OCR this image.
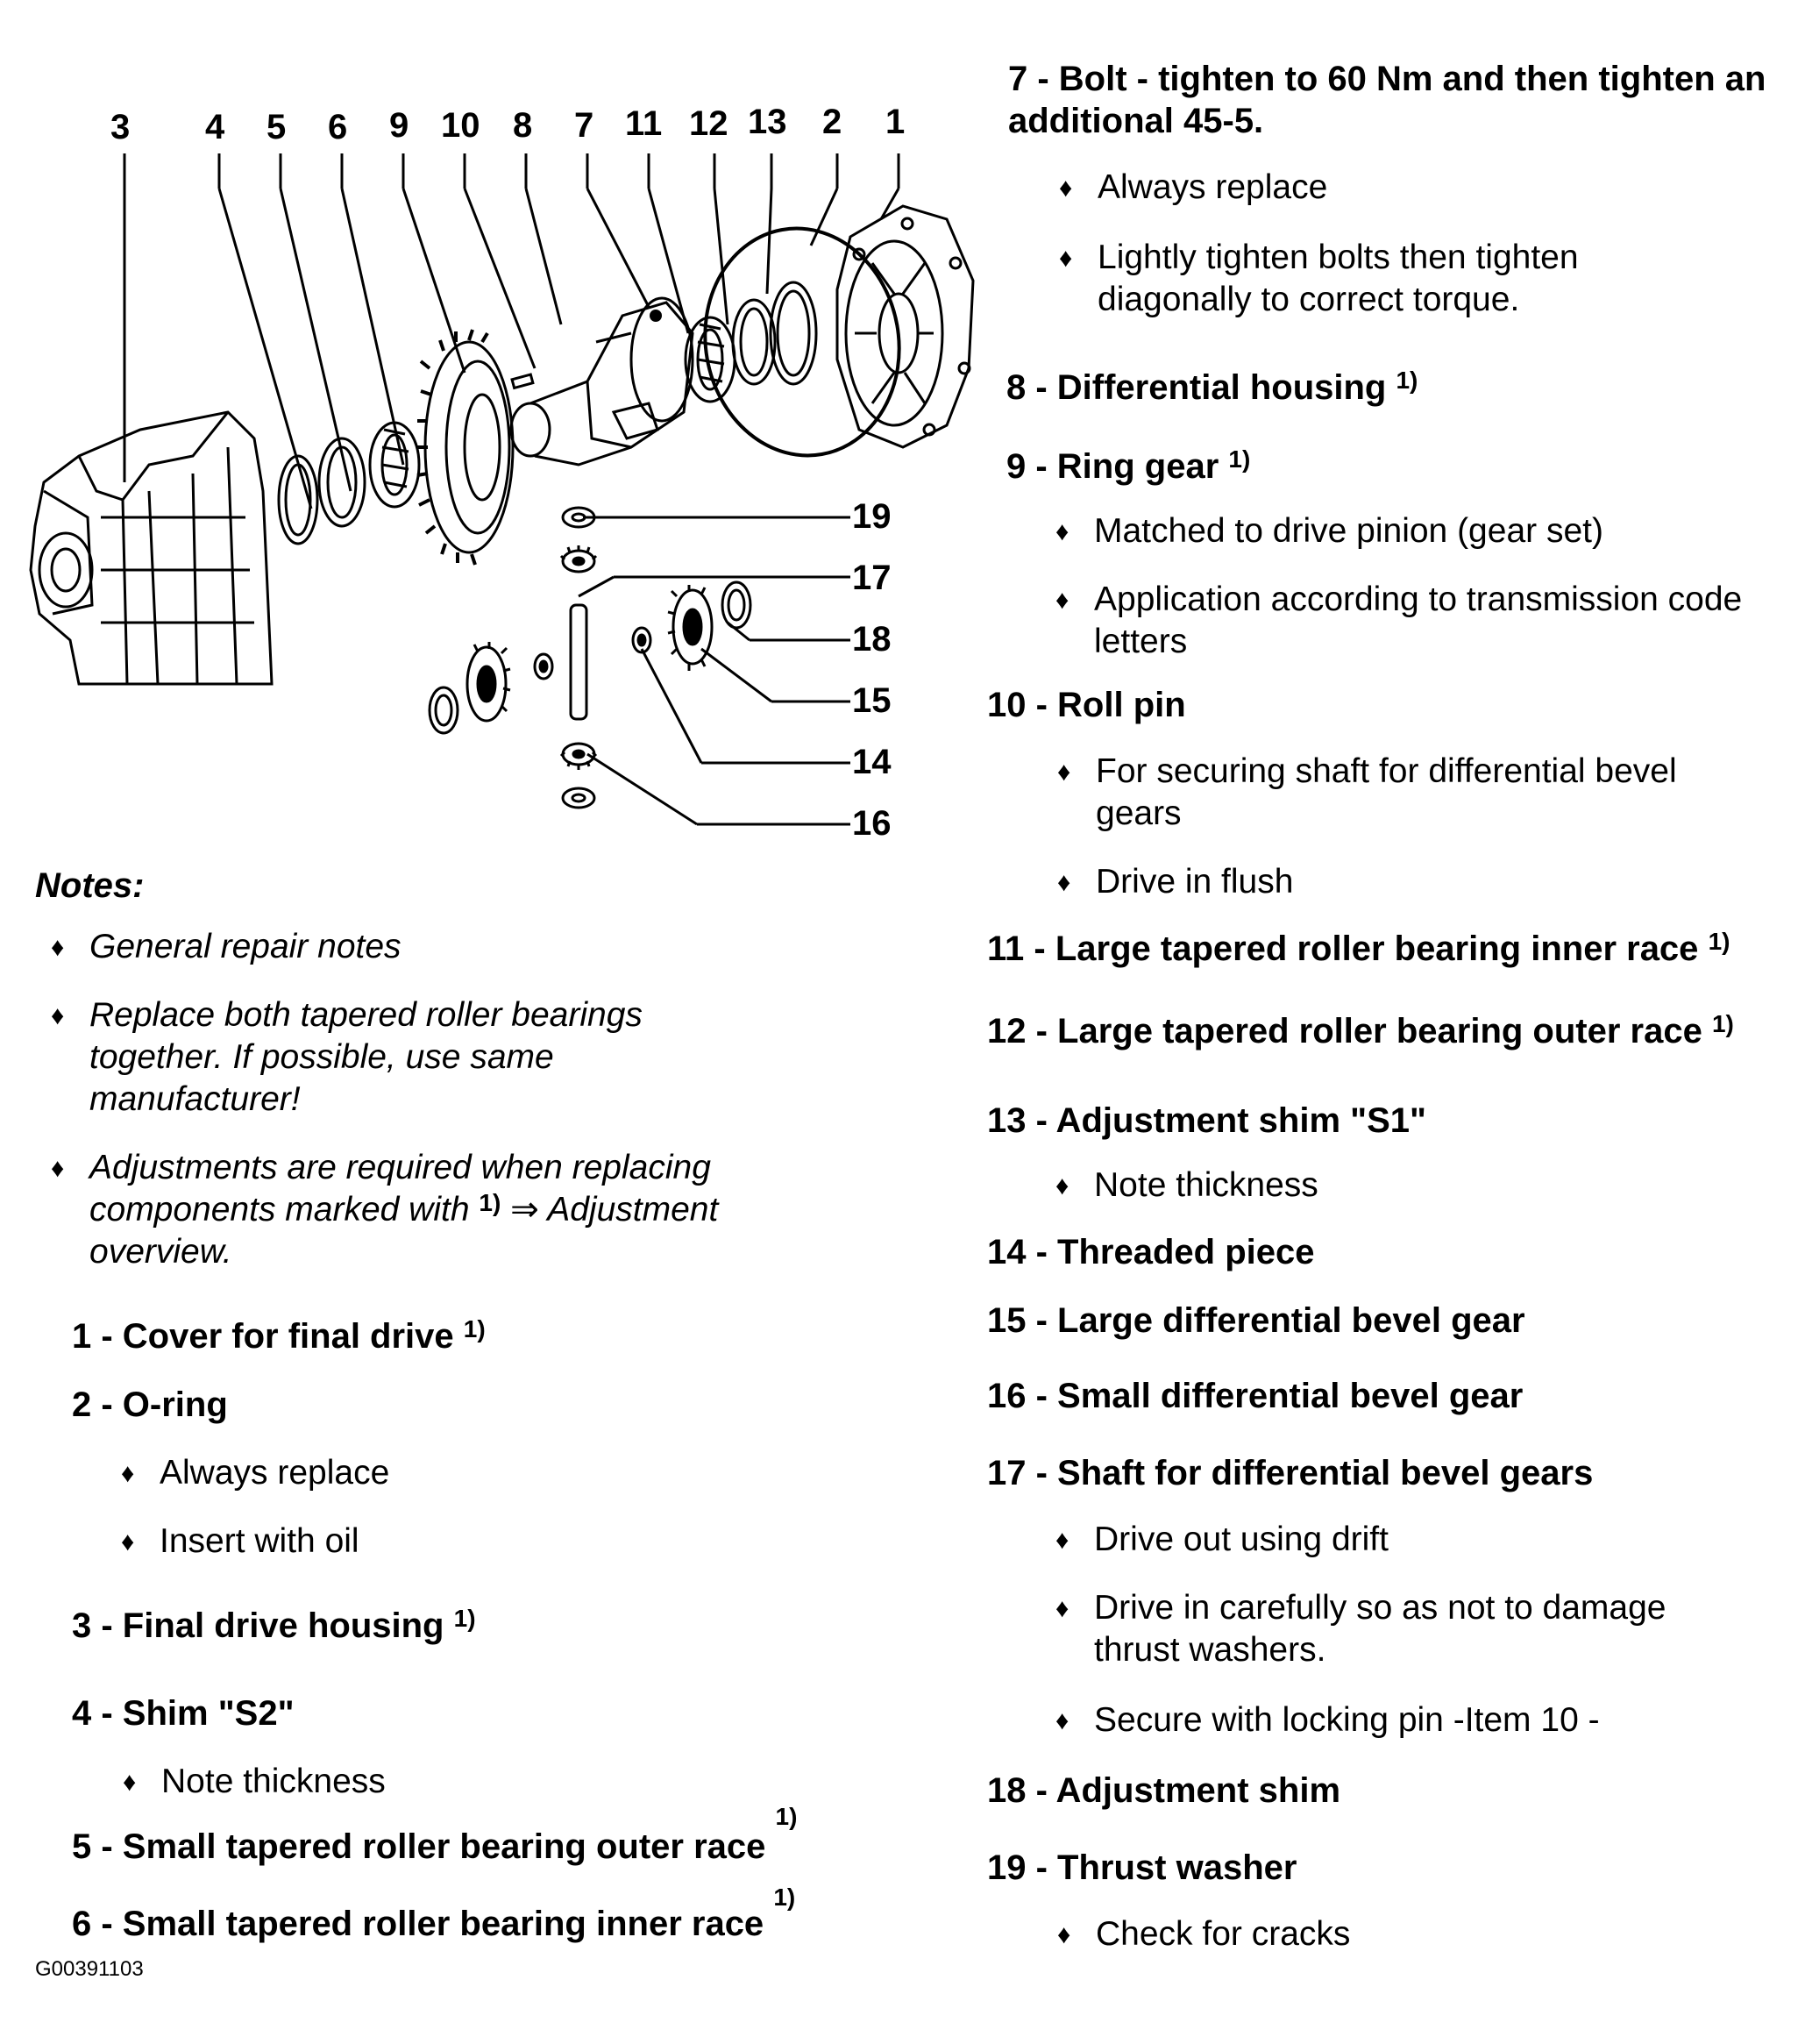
3 4 5 6 9 10 8 7 11 12 13 2 1
19
17
18
15
14
16
Notes:
♦ General repair notes
♦ Replace both tapered roller bearings together. If possible, use same manufacturer!
♦ Adjustments are required when replacing components marked with $^{1)}$ ⇒ Adjustment overview.
1 - Cover for final drive $^{1)}$
2 - O-ring
♦ Always replace
♦ Insert with oil
3 - Final drive housing $^{1)}$
4 - Shim "S2"
♦ Note thickness
5 - Small tapered roller bearing outer race $^{1)}$
6 - Small tapered roller bearing inner race $^{1)}$
G00391103
7 - Bolt - tighten to 60 Nm and then tighten an additional 45-5.
♦ Always replace
♦ Lightly tighten bolts then tighten diagonally to correct torque.
8 - Differential housing $^{1)}$
9 - Ring gear $^{1)}$
♦ Matched to drive pinion (gear set)
♦ Application according to transmission code letters
10 - Roll pin
♦ For securing shaft for differential bevel gears
♦ Drive in flush
11 - Large tapered roller bearing inner race $^{1)}$
12 - Large tapered roller bearing outer race $^{1)}$
13 - Adjustment shim "S1"
♦ Note thickness
14 - Threaded piece
15 - Large differential bevel gear
16 - Small differential bevel gear
17 - Shaft for differential bevel gears
♦ Drive out using drift
♦ Drive in carefully so as not to damage thrust washers.
♦ Secure with locking pin -Item 10 -
18 - Adjustment shim
19 - Thrust washer
♦ Check for cracks
